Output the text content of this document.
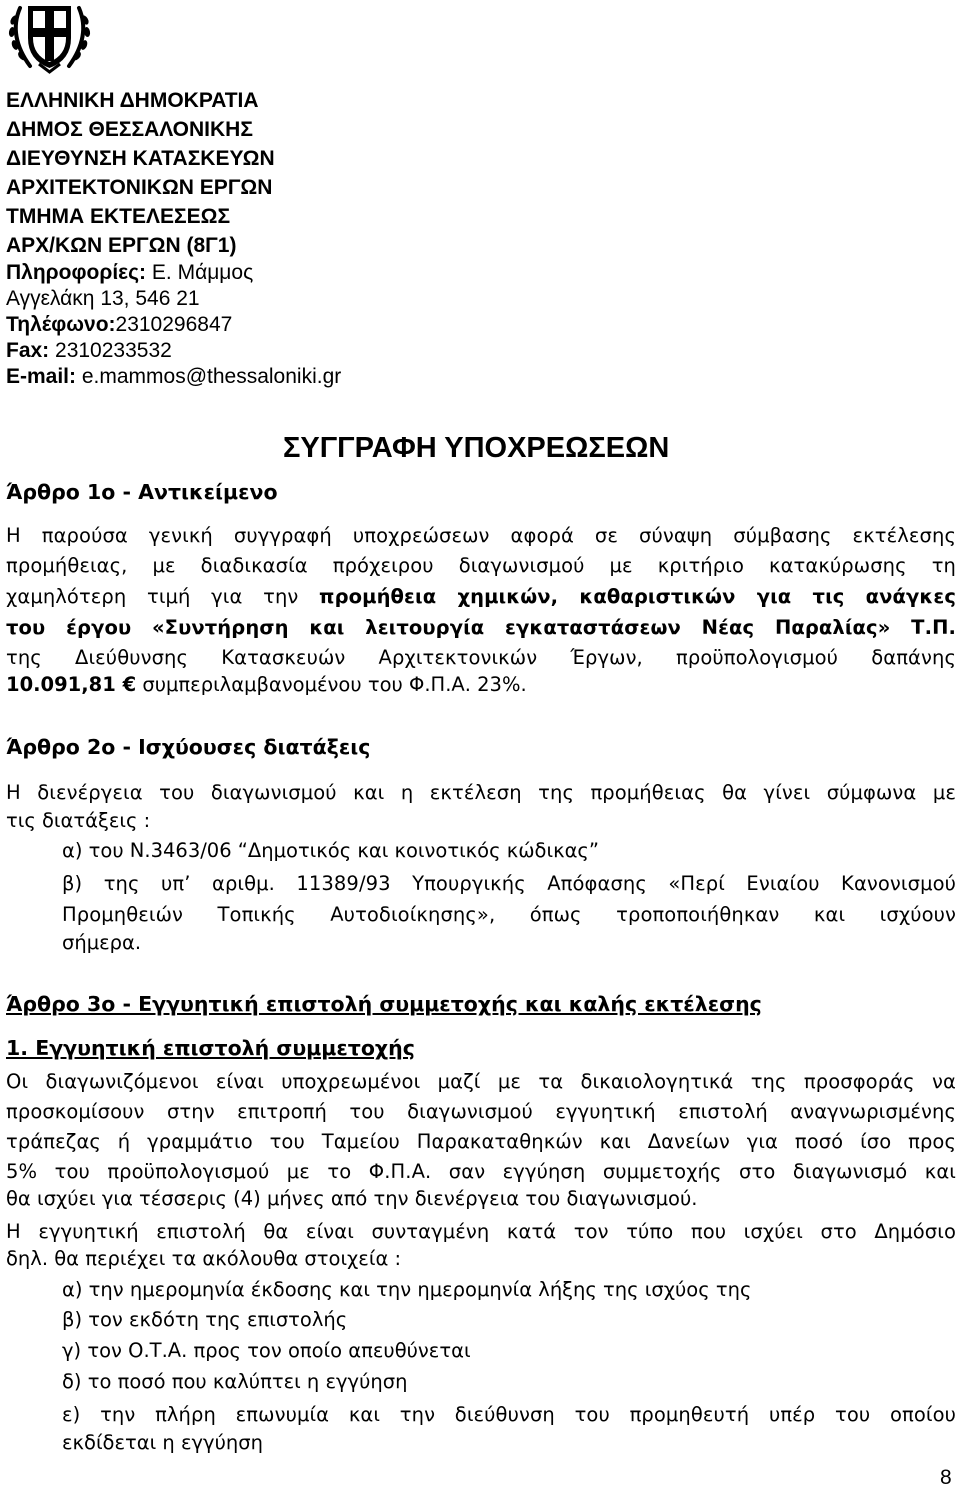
ΕΛΛΗΝΙΚΗ ΔΗΜΟΚΡΑΤΙΑ
ΔΗΜΟΣ ΘΕΣΣΑΛΟΝΙΚΗΣ
ΔΙΕΥΘΥΝΣΗ ΚΑΤΑΣΚΕΥΩΝ
ΑΡΧΙΤΕΚΤΟΝΙΚΩΝ ΕΡΓΩΝ
ΤΜΗΜΑ ΕΚΤΕΛΕΣΕΩΣ
ΑΡΧ/ΚΩΝ ΕΡΓΩΝ (8Γ1)
Πληροφορίες: Ε. Μάμμος
Αγγελάκη 13, 546 21
Τηλέφωνο:2310296847
Fax: 2310233532
E-mail: e.mammos@thessaloniki.gr
ΣΥΓΓΡΑΦΗ ΥΠΟΧΡΕΩΣΕΩΝ
Άρθρο 1ο - Αντικείμενο
Η παρούσα γενική συγγραφή υποχρεώσεων αφορά σε σύναψη σύμβασης εκτέλεσης
προμήθειας, με διαδικασία πρόχειρου διαγωνισμού με κριτήριο κατακύρωσης τη
χαμηλότερη τιμή για την προμήθεια χημικών, καθαριστικών για τις ανάγκες
του έργου «Συντήρηση και λειτουργία εγκαταστάσεων Νέας Παραλίας» Τ.Π.
της Διεύθυνσης Κατασκευών Αρχιτεκτονικών Έργων, προϋπολογισμού δαπάνης
10.091,81 € συμπεριλαμβανομένου του Φ.Π.Α. 23%.
Άρθρο 2ο - Ισχύουσες διατάξεις
Η διενέργεια του διαγωνισμού και η εκτέλεση της προμήθειας θα γίνει σύμφωνα με
τις διατάξεις :
α) του Ν.3463/06 “Δημοτικός και κοινοτικός κώδικας”
β) της υπ’ αριθμ. 11389/93 Υπουργικής Απόφασης «Περί Ενιαίου Κανονισμού
Προμηθειών Τοπικής Αυτοδιοίκησης», όπως τροποποιήθηκαν και ισχύουν
σήμερα.
Άρθρο 3ο - Εγγυητική επιστολή συμμετοχής και καλής εκτέλεσης
1. Εγγυητική επιστολή συμμετοχής
Οι διαγωνιζόμενοι είναι υποχρεωμένοι μαζί με τα δικαιολογητικά της προσφοράς να
προσκομίσουν στην επιτροπή του διαγωνισμού εγγυητική επιστολή αναγνωρισμένης
τράπεζας ή γραμμάτιο του Ταμείου Παρακαταθηκών και Δανείων για ποσό ίσο προς
5% του προϋπολογισμού με το Φ.Π.Α. σαν εγγύηση συμμετοχής στο διαγωνισμό και
θα ισχύει για τέσσερις (4) μήνες από την διενέργεια του διαγωνισμού.
Η εγγυητική επιστολή θα είναι συνταγμένη κατά τον τύπο που ισχύει στο Δημόσιο
δηλ. θα περιέχει τα ακόλουθα στοιχεία :
α) την ημερομηνία έκδοσης και την ημερομηνία λήξης της ισχύος της
β) τον εκδότη της επιστολής
γ) τον Ο.Τ.Α. προς τον οποίο απευθύνεται
δ) το ποσό που καλύπτει η εγγύηση
ε) την πλήρη επωνυμία και την διεύθυνση του προμηθευτή υπέρ του οποίου
εκδίδεται η εγγύηση
8
